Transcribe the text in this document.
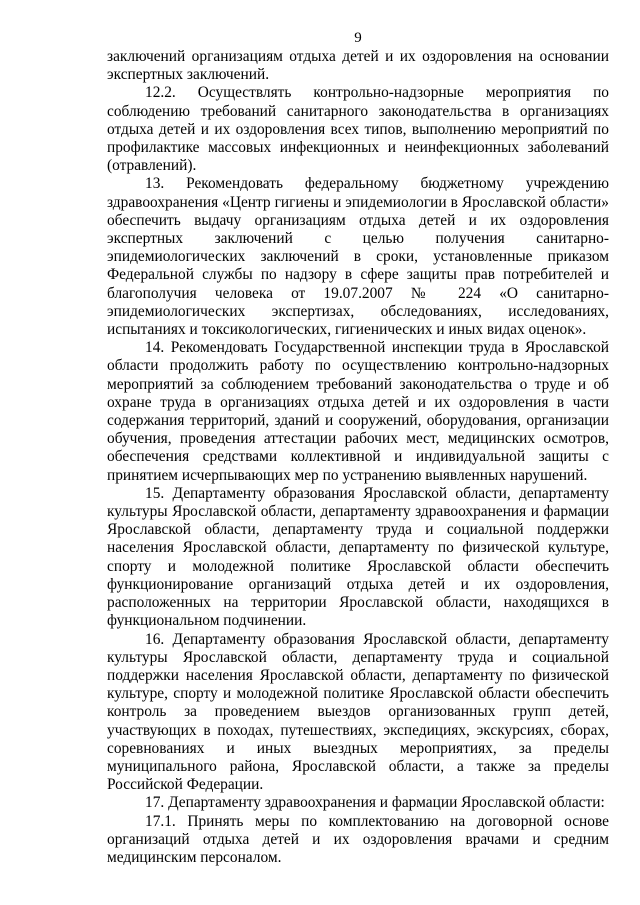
9

заключений организациям отдыха детей и их оздоровления на основании экспертных заключений.

12.2. Осуществлять контрольно-надзорные мероприятия по соблюдению требований санитарного законодательства в организациях отдыха детей и их оздоровления всех типов, выполнению мероприятий по профилактике массовых инфекционных и неинфекционных заболеваний (отравлений).

13. Рекомендовать федеральному бюджетному учреждению здравоохранения «Центр гигиены и эпидемиологии в Ярославской области» обеспечить выдачу организациям отдыха детей и их оздоровления экспертных заключений с целью получения санитарно-эпидемиологических заключений в сроки, установленные приказом Федеральной службы по надзору в сфере защиты прав потребителей и благополучия человека от 19.07.2007 № 224 «О санитарно-эпидемиологических экспертизах, обследованиях, исследованиях, испытаниях и токсикологических, гигиенических и иных видах оценок».

14. Рекомендовать Государственной инспекции труда в Ярославской области продолжить работу по осуществлению контрольно-надзорных мероприятий за соблюдением требований законодательства о труде и об охране труда в организациях отдыха детей и их оздоровления в части содержания территорий, зданий и сооружений, оборудования, организации обучения, проведения аттестации рабочих мест, медицинских осмотров, обеспечения средствами коллективной и индивидуальной защиты с принятием исчерпывающих мер по устранению выявленных нарушений.

15. Департаменту образования Ярославской области, департаменту культуры Ярославской области, департаменту здравоохранения и фармации Ярославской области, департаменту труда и социальной поддержки населения Ярославской области, департаменту по физической культуре, спорту и молодежной политике Ярославской области обеспечить функционирование организаций отдыха детей и их оздоровления, расположенных на территории Ярославской области, находящихся в функциональном подчинении.

16. Департаменту образования Ярославской области, департаменту культуры Ярославской области, департаменту труда и социальной поддержки населения Ярославской области, департаменту по физической культуре, спорту и молодежной политике Ярославской области обеспечить контроль за проведением выездов организованных групп детей, участвующих в походах, путешествиях, экспедициях, экскурсиях, сборах, соревнованиях и иных выездных мероприятиях, за пределы муниципального района, Ярославской области, а также за пределы Российской Федерации.

17. Департаменту здравоохранения и фармации Ярославской области:

17.1. Принять меры по комплектованию на договорной основе организаций отдыха детей и их оздоровления врачами и средним медицинским персоналом.
